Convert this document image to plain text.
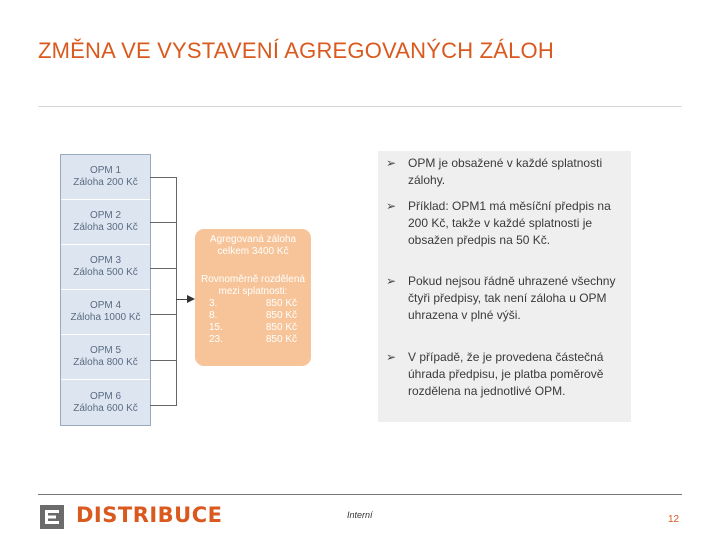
ZMĚNA VE VYSTAVENÍ AGREGOVANÝCH ZÁLOH
OPM 1
Záloha 200 Kč
OPM 2
Záloha 300 Kč
OPM 3
Záloha 500 Kč
OPM 4
Záloha 1000 Kč
OPM 5
Záloha 800 Kč
OPM 6
Záloha 600 Kč
Agregovaná záloha
celkem 3400 Kč
Rovnoměrně rozdělená
mezi splatnosti:
3.	850 Kč
8.	850 Kč
15.	850 Kč
23.	850 Kč
➢ OPM je obsažené v každé splatnosti zálohy.
➢ Příklad: OPM1 má měsíční předpis na 200 Kč, takže v každé splatnosti je obsažen předpis na 50 Kč.
➢ Pokud nejsou řádně uhrazené všechny čtyři předpisy, tak není záloha u OPM uhrazena v plné výši.
➢ V případě, že je provedena částečná úhrada předpisu, je platba poměrově rozdělena na jednotlivé OPM.
DISTRIBUCE	Interní	12
